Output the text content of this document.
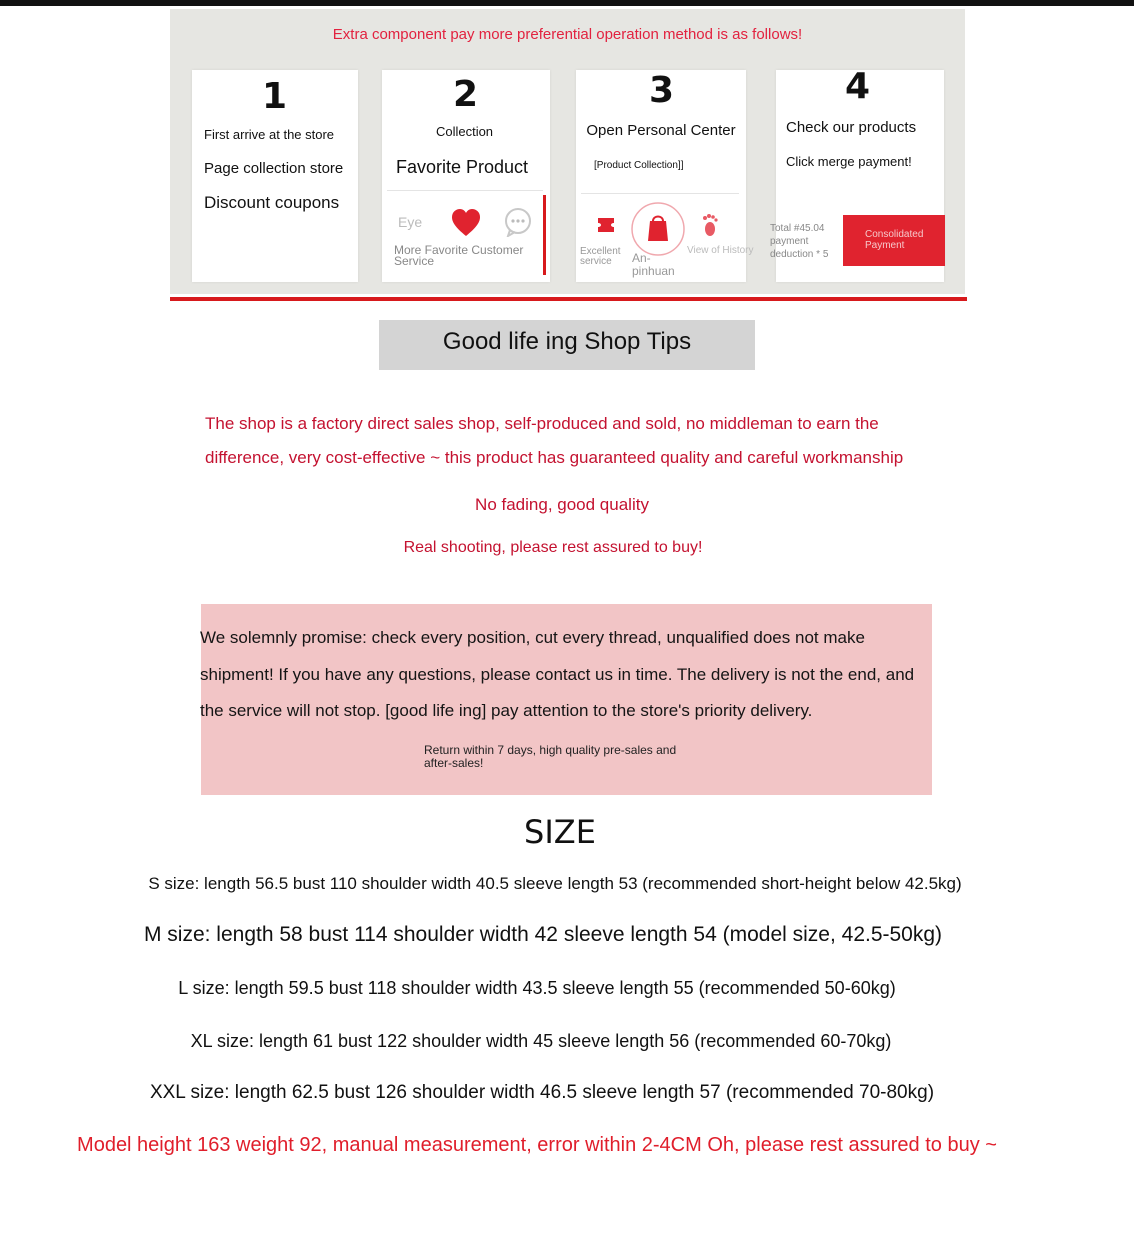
Extra component pay more preferential operation method is as follows!
1
First arrive at the store
Page collection store
Discount coupons
2
Collection
Favorite Product
Eye
More Favorite Customer Service
3
Open Personal Center
[Product Collection]]
Excellent service	An-pinhuan
View of History
4
Check our products
Click merge payment!
Total #45.04 payment deduction * 5
Consolidated Payment
Good life ing Shop Tips
The shop is a factory direct sales shop, self-produced and sold, no middleman to earn the difference, very cost-effective ~ this product has guaranteed quality and careful workmanship
No fading, good quality
Real shooting, please rest assured to buy!
We solemnly promise: check every position, cut every thread, unqualified does not make shipment! If you have any questions, please contact us in time. The delivery is not the end, and the service will not stop. [good life ing] pay attention to the store's priority delivery.
Return within 7 days, high quality pre-sales and after-sales!
SIZE
S size: length 56.5 bust 110 shoulder width 40.5 sleeve length 53 (recommended short-height below 42.5kg)
M size: length 58 bust 114 shoulder width 42 sleeve length 54 (model size, 42.5-50kg)
L size: length 59.5 bust 118 shoulder width 43.5 sleeve length 55 (recommended 50-60kg)
XL size: length 61 bust 122 shoulder width 45 sleeve length 56 (recommended 60-70kg)
XXL size: length 62.5 bust 126 shoulder width 46.5 sleeve length 57 (recommended 70-80kg)
Model height 163 weight 92, manual measurement, error within 2-4CM Oh, please rest assured to buy ~
